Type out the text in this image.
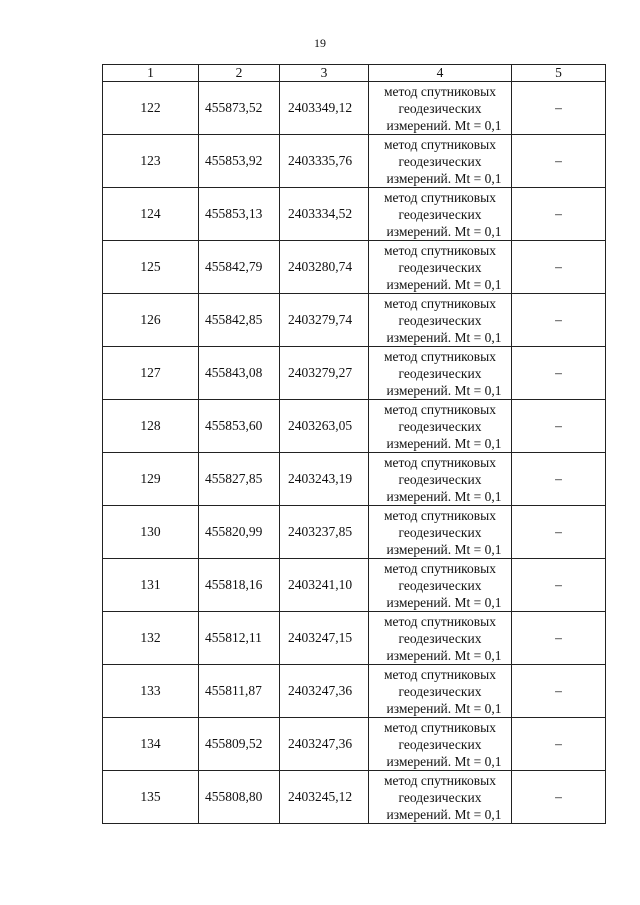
19
1	2	3	4	5
122	455873,52	2403349,12	метод спутниковых
геодезических
измерений. Mt = 0,1	–
123	455853,92	2403335,76	метод спутниковых
геодезических
измерений. Mt = 0,1	–
124	455853,13	2403334,52	метод спутниковых
геодезических
измерений. Mt = 0,1	–
125	455842,79	2403280,74	метод спутниковых
геодезических
измерений. Mt = 0,1	–
126	455842,85	2403279,74	метод спутниковых
геодезических
измерений. Mt = 0,1	–
127	455843,08	2403279,27	метод спутниковых
геодезических
измерений. Mt = 0,1	–
128	455853,60	2403263,05	метод спутниковых
геодезических
измерений. Mt = 0,1	–
129	455827,85	2403243,19	метод спутниковых
геодезических
измерений. Mt = 0,1	–
130	455820,99	2403237,85	метод спутниковых
геодезических
измерений. Mt = 0,1	–
131	455818,16	2403241,10	метод спутниковых
геодезических
измерений. Mt = 0,1	–
132	455812,11	2403247,15	метод спутниковых
геодезических
измерений. Mt = 0,1	–
133	455811,87	2403247,36	метод спутниковых
геодезических
измерений. Mt = 0,1	–
134	455809,52	2403247,36	метод спутниковых
геодезических
измерений. Mt = 0,1	–
135	455808,80	2403245,12	метод спутниковых
геодезических
измерений. Mt = 0,1	–
